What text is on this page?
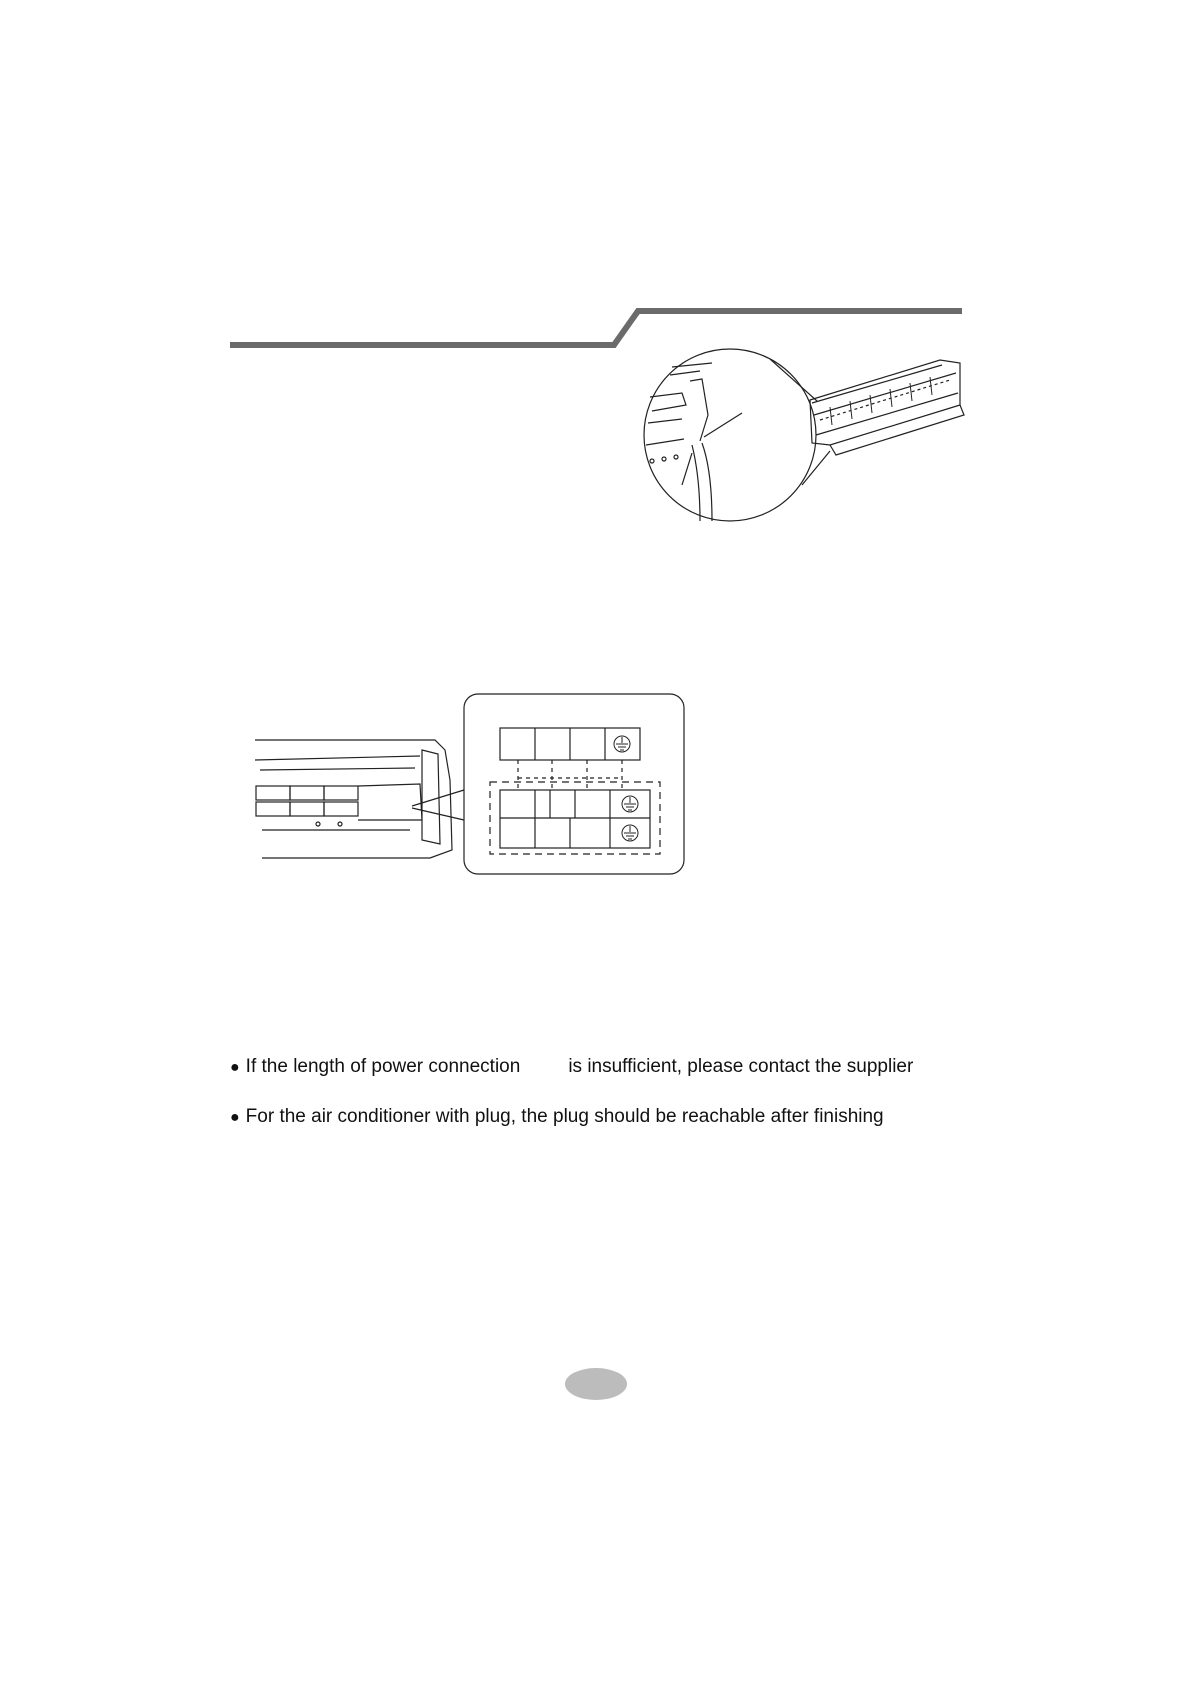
● If the length of power connection	is insufficient, please contact the supplier
● For the air conditioner with plug, the plug should be reachable after finishing
